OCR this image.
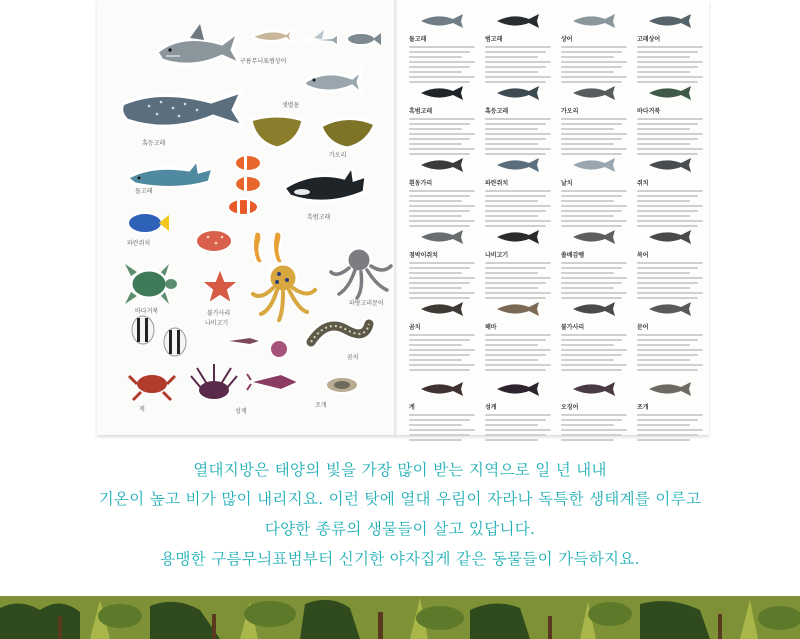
구름무늬표범상어
샛별돔
혹등고래
가오리
돌고래
흑범고래
파란쥐치
바다거북	불가사리
파랑고리문어
곰치
나비고기
게	성게
조개
돌고래	범고래	상어	고래상어
흑범고래	혹등고래	가오리	바다거북
흰동가리	파란쥐치	날치	쥐치
점박이쥐치	나비고기	쏠배감펭	복어
곰치	해마	불가사리	문어
게	성게	오징어	조개
열대지방은 태양의 빛을 가장 많이 받는 지역으로 일 년 내내
기온이 높고 비가 많이 내리지요. 이런 탓에 열대 우림이 자라나 독특한 생태계를 이루고
다양한 종류의 생물들이 살고 있답니다.
용맹한 구름무늬표범부터 신기한 야자집게 같은 동물들이 가득하지요.
